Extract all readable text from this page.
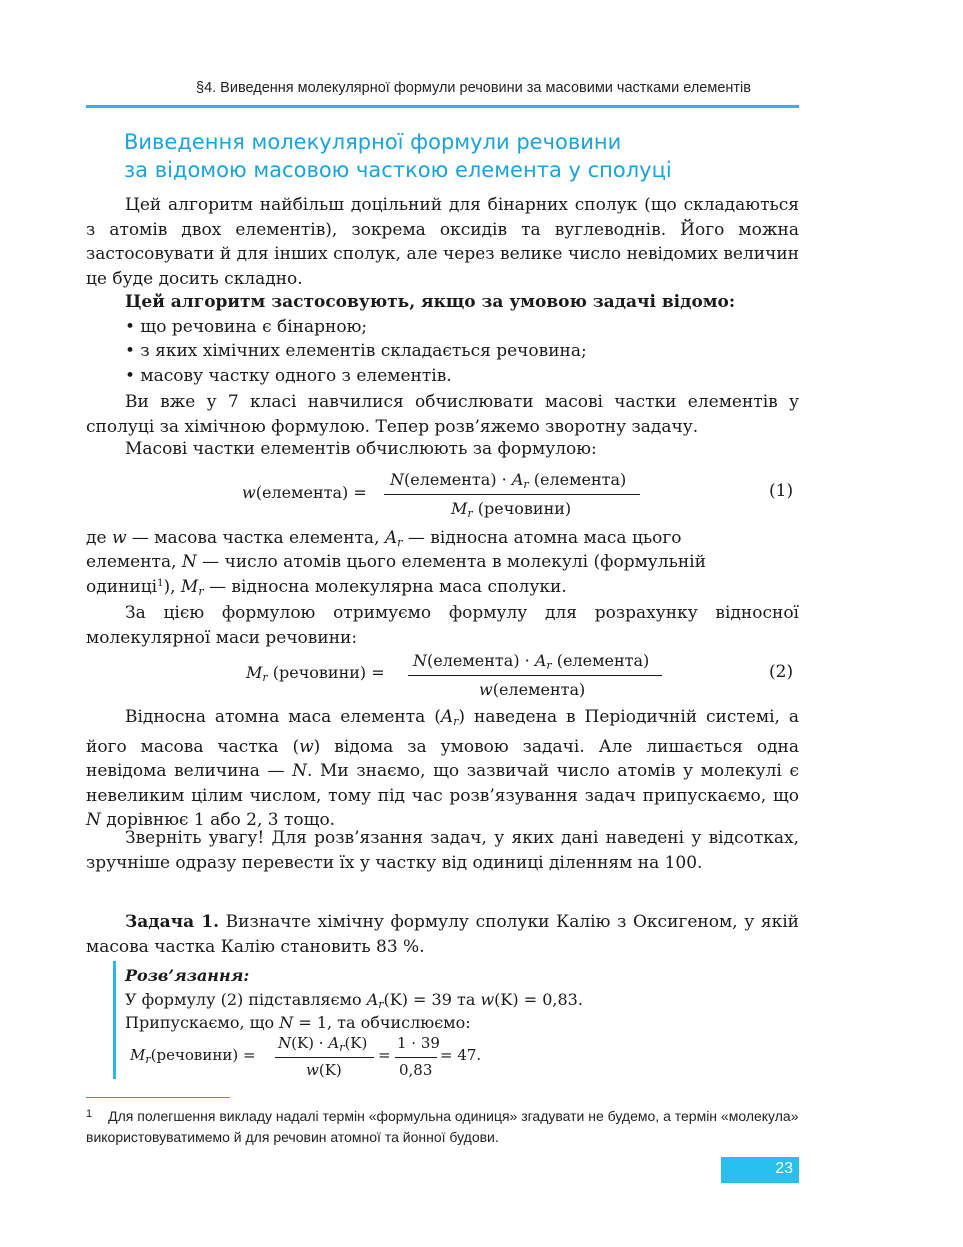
§4. Виведення молекулярної формули речовини за масовими частками елементів
Виведення молекулярної формули речовини
за відомою масовою часткою елемента у сполуці
Цей алгоритм найбільш доцільний для бінарних сполук (що складаються з атомів двох елементів), зокрема оксидів та вуглеводнів. Його можна застосовувати й для інших сполук, але через велике число невідомих величин це буде досить складно.
Цей алгоритм застосовують, якщо за умовою задачі відомо:
• що речовина є бінарною;
• з яких хімічних елементів складається речовина;
• масову частку одного з елементів.
Ви вже у 7 класі навчилися обчислювати масові частки елементів у сполуці за хімічною формулою. Тепер розв’яжемо зворотну задачу.
Масові частки елементів обчислюють за формулою:
w(елемента) =
N(елемента) · $A_r$ (елемента)
$M_r$ (речовини)
(1)
де w — масова частка елемента, $A_r$ — відносна атомна маса цього
елемента, N — число атомів цього елемента в молекулі (формульній
одиниці$^1$), $M_r$ — відносна молекулярна маса сполуки.
За цією формулою отримуємо формулу для розрахунку відносної молекулярної маси речовини:
$M_r$ (речовини) =
N(елемента) · $A_r$ (елемента)
w(елемента)
(2)
Відносна атомна маса елемента $(A_r)$ наведена в Періодичній системі, а його масова частка (w) відома за умовою задачі. Але лишається одна невідома величина — N. Ми знаємо, що зазвичай число атомів у молекулі є невеликим цілим числом, тому під час розв’язування задач припускаємо, що N дорівнює 1 або 2, 3 тощо.
Зверніть увагу! Для розв’язання задач, у яких дані наведені у відсотках, зручніше одразу перевести їх у частку від одиниці діленням на 100.
Задача 1. Визначте хімічну формулу сполуки Калію з Оксигеном, у якій масова частка Калію становить 83 %.
Розв’язання:
У формулу (2) підставляємо $A_r(K) = 39$ та w(K) = 0,83.
Припускаємо, що N = 1, та обчислюємо:
$M_r(речовини)$ =
$N(K) \cdot A_r(K)$
w(K)
=
1 · 39
0,83
= 47.
$^1$ Для полегшення викладу надалі термін «формульна одиниця» згадувати не будемо, а термін «молекула» використовуватимемо й для речовин атомної та йонної будови.
23
